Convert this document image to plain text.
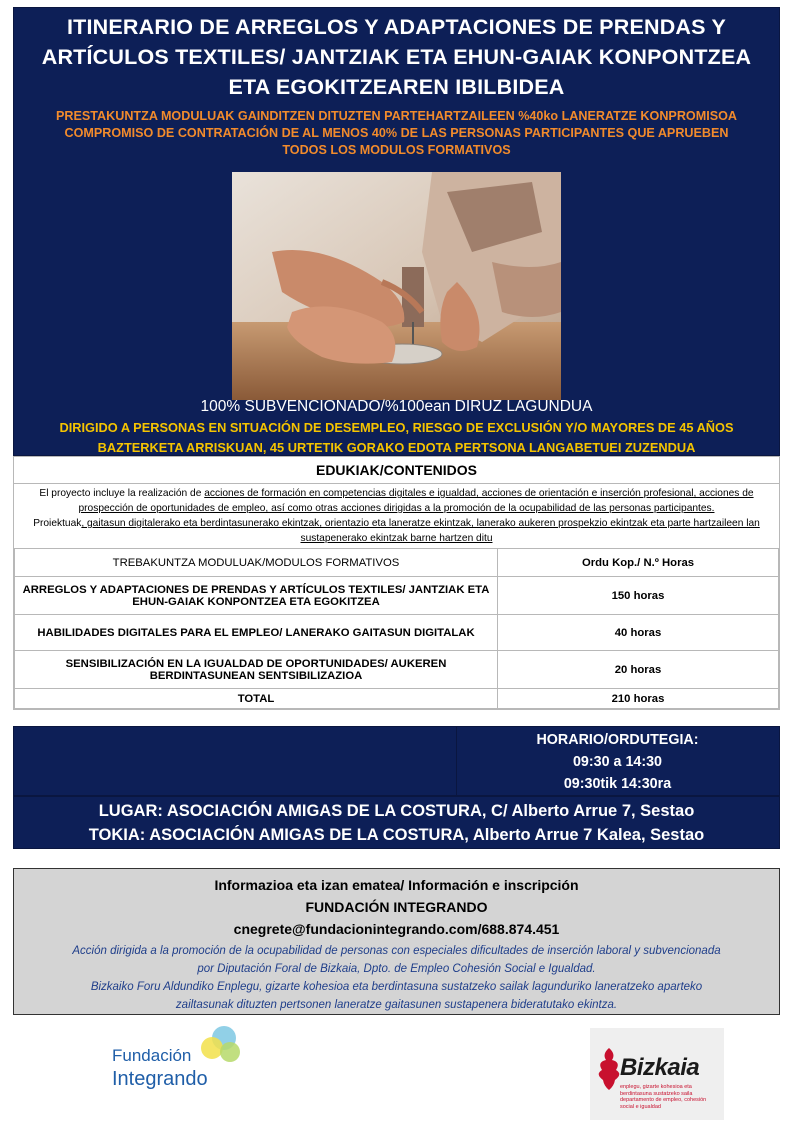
ITINERARIO DE ARREGLOS Y ADAPTACIONES DE PRENDAS Y
ARTÍCULOS TEXTILES/ JANTZIAK ETA EHUN-GAIAK KONPONTZEA
ETA EGOKITZEAREN IBILBIDEA
PRESTAKUNTZA MODULUAK GAINDITZEN DITUZTEN PARTEHARTZAILEEN %40ko LANERATZE KONPROMISOA
COMPROMISO DE CONTRATACIÓN DE AL MENOS 40% DE LAS PERSONAS PARTICIPANTES QUE APRUEBEN
TODOS LOS MODULOS FORMATIVOS
100% SUBVENCIONADO/%100ean DIRUZ LAGUNDUA
DIRIGIDO A PERSONAS EN SITUACIÓN DE DESEMPLEO, RIESGO DE EXCLUSIÓN Y/O MAYORES DE 45 AÑOS
BAZTERKETA ARRISKUAN, 45 URTETIK GORAKO EDOTA PERTSONA LANGABETUEI ZUZENDUA
EDUKIAK/CONTENIDOS
El proyecto incluye la realización de acciones de formación en competencias digitales e igualdad, acciones de orientación e inserción profesional, acciones de prospección de oportunidades de empleo, así como otras acciones dirigidas a la promoción de la ocupabilidad de las personas participantes.
Proiektuak, gaitasun digitalerako eta berdintasunerako ekintzak, orientazio eta laneratze ekintzak, lanerako aukeren prospekzio ekintzak eta parte hartzaileen lan sustapenerako ekintzak barne hartzen ditu
TREBAKUNTZA MODULUAK/MODULOS FORMATIVOS	Ordu Kop./ N.º Horas
ARREGLOS Y ADAPTACIONES DE PRENDAS Y ARTÍCULOS TEXTILES/ JANTZIAK ETA EHUN-GAIAK KONPONTZEA ETA EGOKITZEA	150 horas
HABILIDADES DIGITALES PARA EL EMPLEO/ LANERAKO GAITASUN DIGITALAK	40 horas
SENSIBILIZACIÓN EN LA IGUALDAD DE OPORTUNIDADES/ AUKEREN BERDINTASUNEAN SENTSIBILIZAZIOA	20 horas
TOTAL	210 horas
HORARIO/ORDUTEGIA:
09:30 a 14:30
09:30tik 14:30ra
LUGAR: ASOCIACIÓN AMIGAS DE LA COSTURA, C/ Alberto Arrue 7, Sestao
TOKIA: ASOCIACIÓN AMIGAS DE LA COSTURA, Alberto Arrue 7 Kalea, Sestao
Informazioa eta izan ematea/ Información e inscripción
FUNDACIÓN INTEGRANDO
cnegrete@fundacionintegrando.com/688.874.451
Acción dirigida a la promoción de la ocupabilidad de personas con especiales dificultades de inserción laboral y subvencionada
por Diputación Foral de Bizkaia, Dpto. de Empleo Cohesión Social e Igualdad.
Bizkaiko Foru Aldundiko Enplegu, gizarte kohesioa eta berdintasuna sustatzeko sailak lagunduriko laneratzeko aparteko
zailtasunak dituzten pertsonen laneratze gaitasunen sustapenera bideratutako ekintza.
Fundación
Integrando	Bizkaia
enplegu, gizarte kohesioa eta berdintasuna sustatzeko saila departamento de empleo, cohesión social e igualdad
